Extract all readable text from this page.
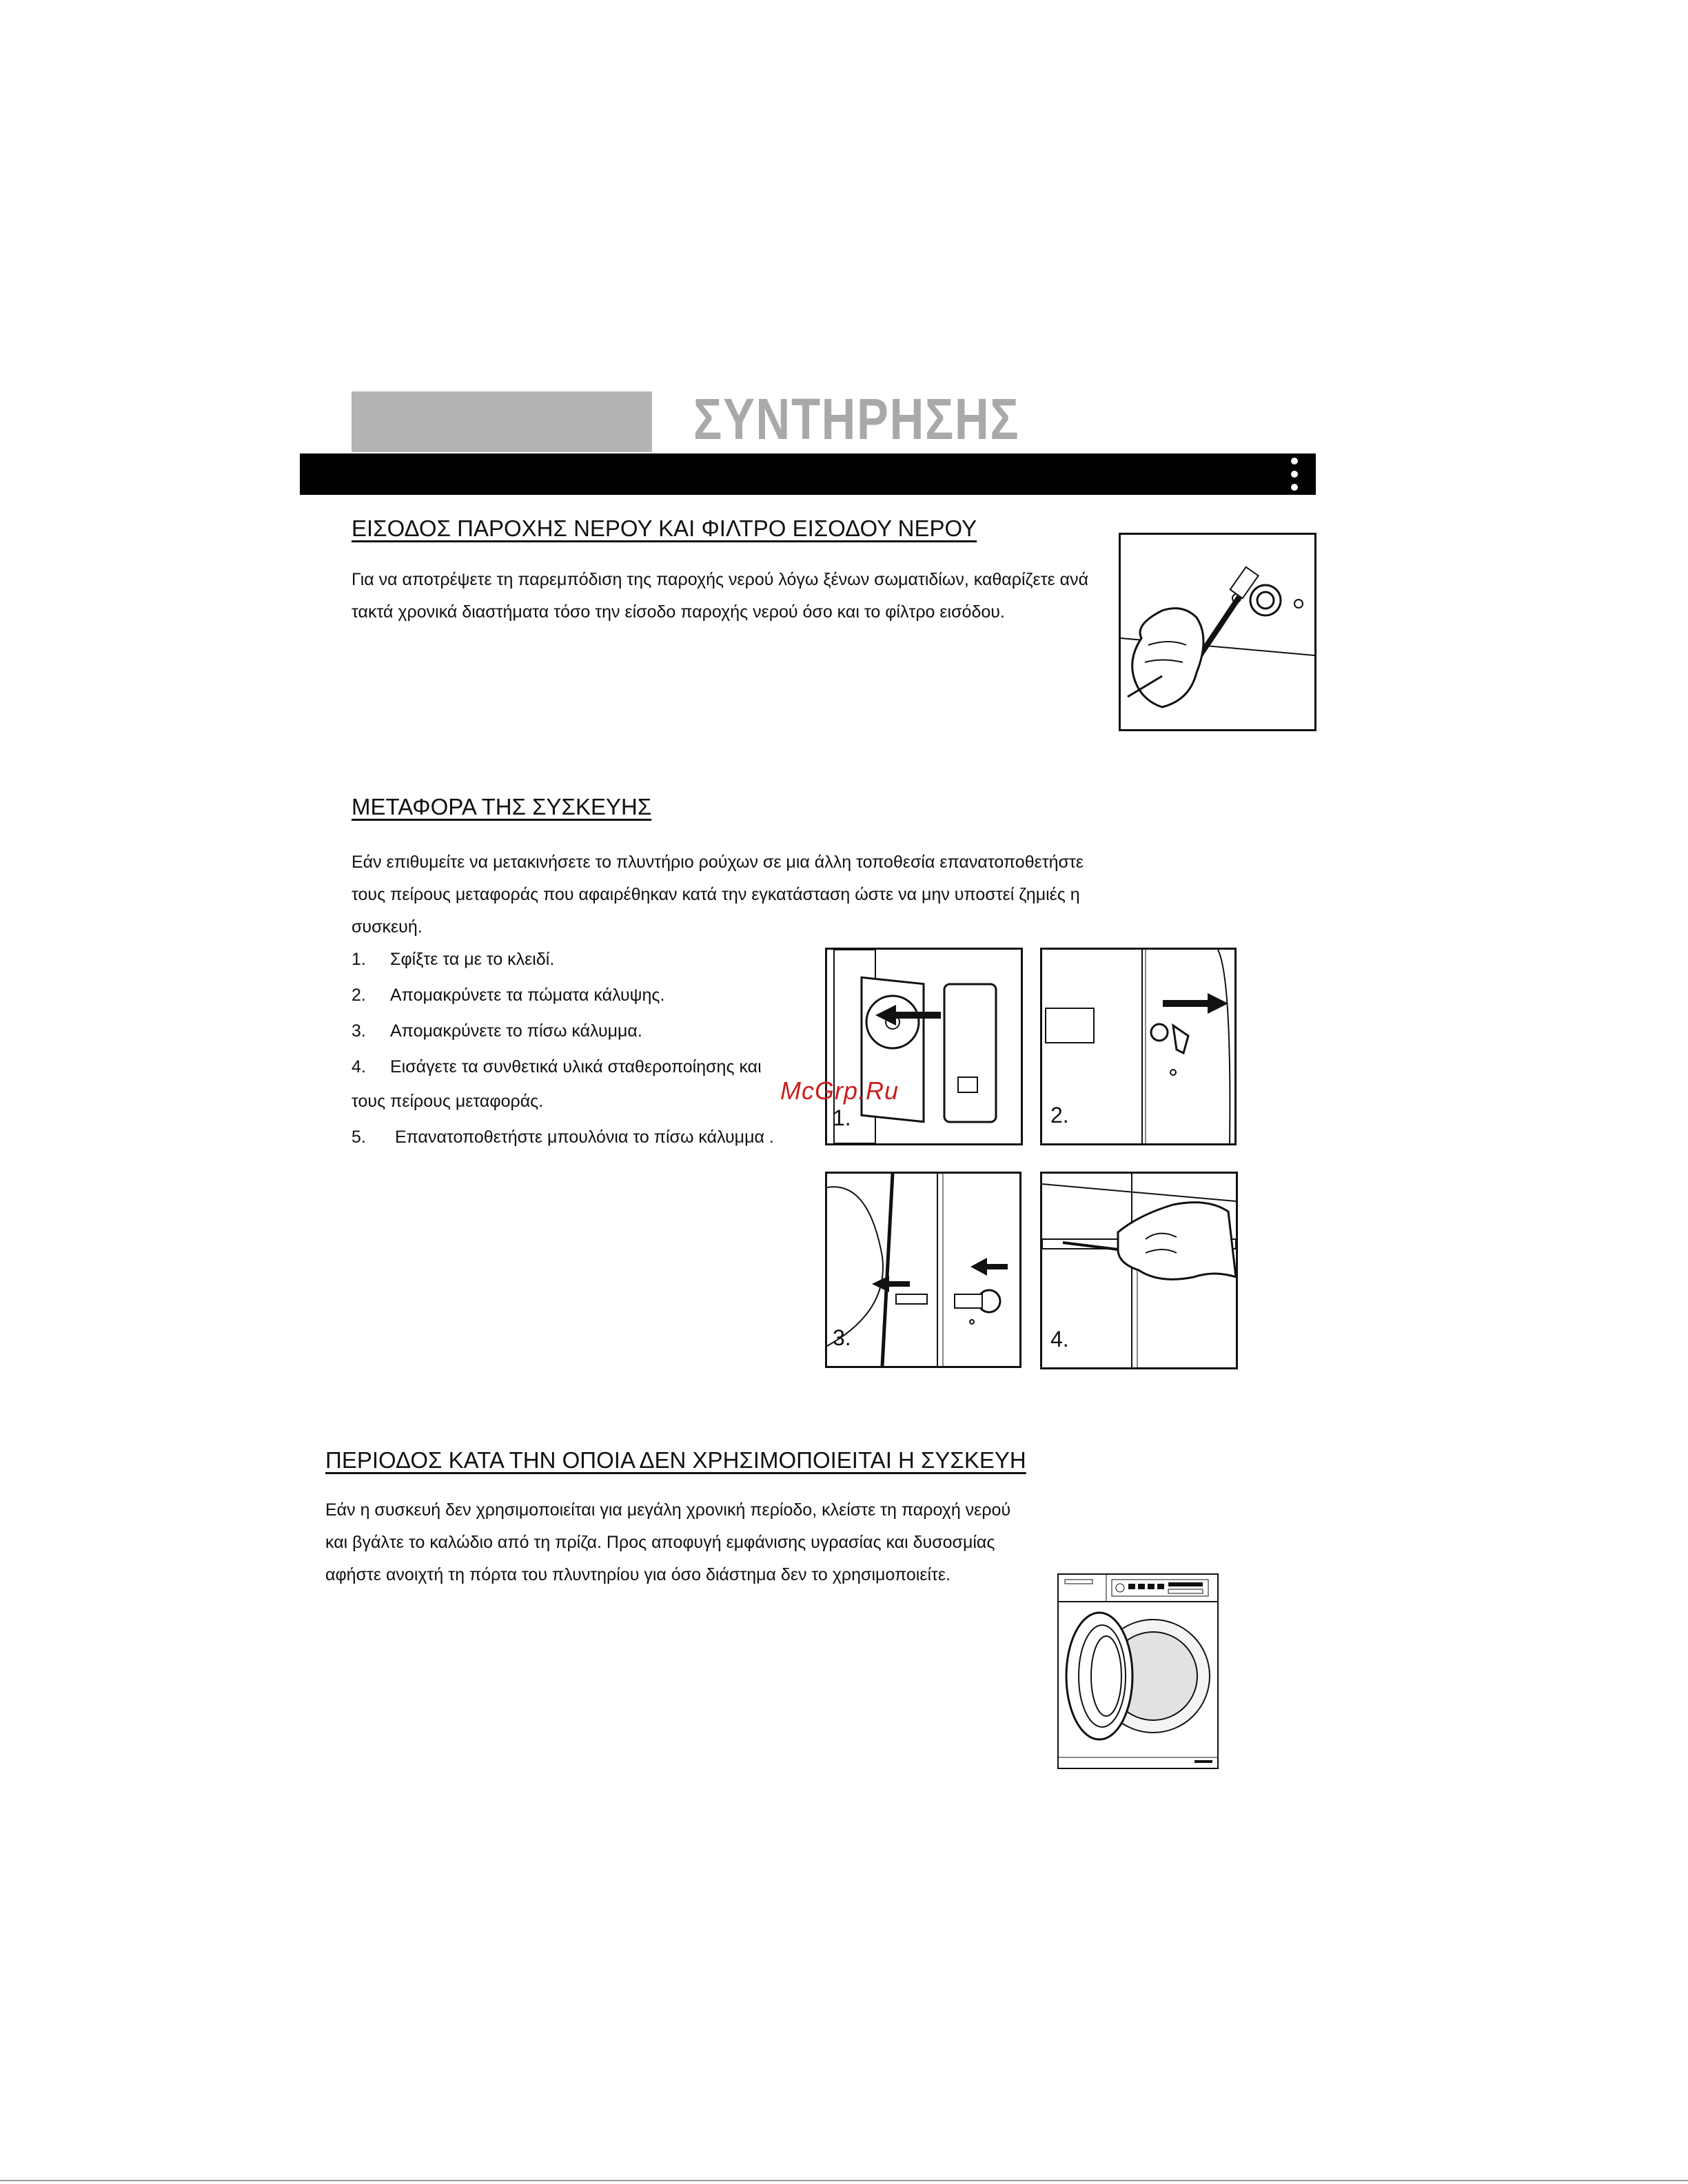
ΣΥΝΤΗΡΗΣΗΣ
ΕΙΣΟΔΟΣ ΠΑΡΟΧΗΣ ΝΕΡΟΥ ΚΑΙ ΦΙΛΤΡΟ ΕΙΣΟΔΟΥ ΝΕΡΟΥ
Για να αποτρέψετε τη παρεμπόδιση της παροχής νερού λόγω ξένων σωματιδίων, καθαρίζετε ανά
τακτά χρονικά διαστήματα τόσο την είσοδο παροχής νερού όσο και το φίλτρο εισόδου.
ΜΕΤΑΦΟΡΑ ΤΗΣ ΣΥΣΚΕΥΗΣ
Εάν επιθυμείτε να μετακινήσετε το πλυντήριο ρούχων σε μια άλλη τοποθεσία επανατοποθετήστε
τους πείρους μεταφοράς που αφαιρέθηκαν κατά την εγκατάσταση ώστε να μην υποστεί ζημιές η
συσκευή.
1. Σφίξτε τα με το κλειδί.
2. Απομακρύνετε τα πώματα κάλυψης.
3. Απομακρύνετε το πίσω κάλυμμα.
4. Εισάγετε τα συνθετικά υλικά σταθεροποίησης και
τους πείρους μεταφοράς.
5. Επανατοποθετήστε μπουλόνια το πίσω κάλυμμα .
1.	2.
3.	4.
McGrp.Ru
ΠΕΡΙΟΔΟΣ ΚΑΤΑ ΤΗΝ ΟΠΟΙΑ ΔΕΝ ΧΡΗΣΙΜΟΠΟΙΕΙΤΑΙ Η ΣΥΣΚΕΥΗ
Εάν η συσκευή δεν χρησιμοποιείται για μεγάλη χρονική περίοδο, κλείστε τη παροχή νερού
και βγάλτε το καλώδιο από τη πρίζα. Προς αποφυγή εμφάνισης υγρασίας και δυσοσμίας
αφήστε ανοιχτή τη πόρτα του πλυντηρίου για όσο διάστημα δεν το χρησιμοποιείτε.
